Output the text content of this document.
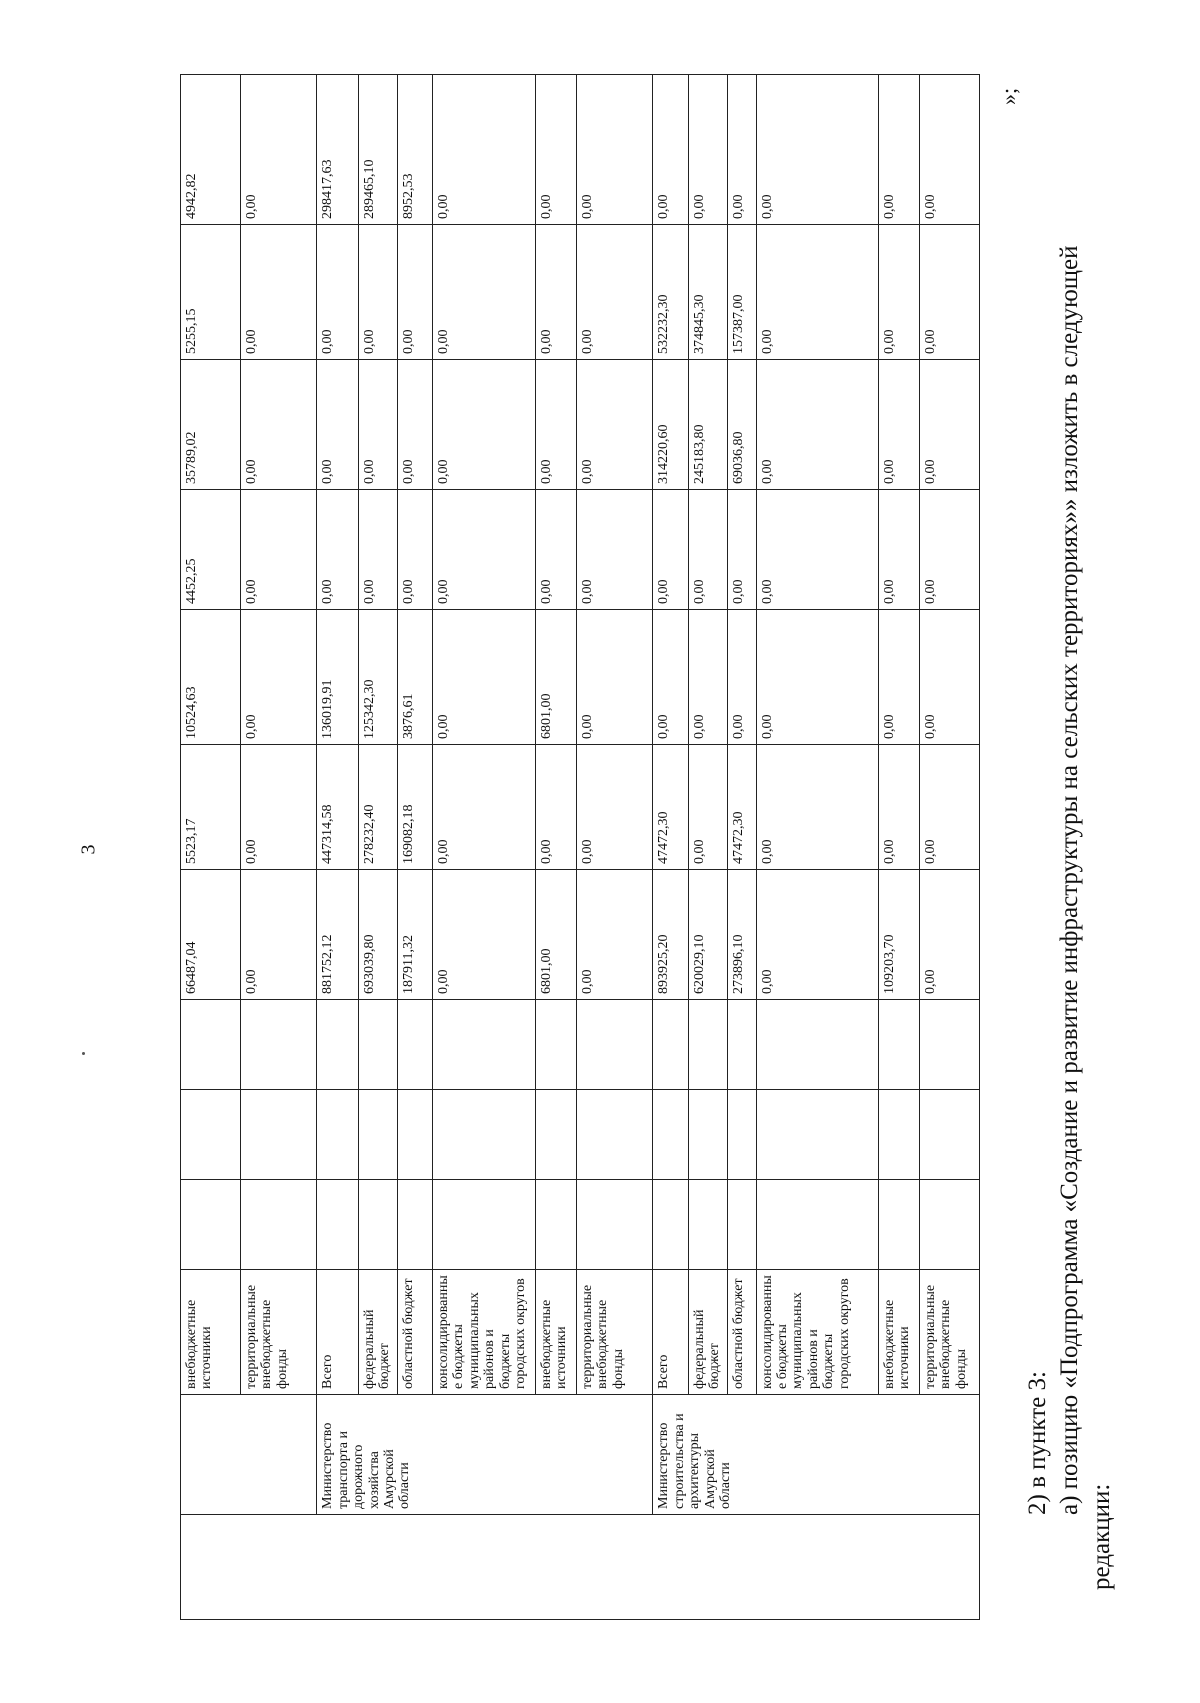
3
		внебюджетные источники				66487,04	5523,17	10524,63	4452,25	35789,02	5255,15	4942,82
		территориальные внебюджетные фонды				0,00	0,00	0,00	0,00	0,00	0,00	0,00
	Министерство транспорта и дорожного хозяйства Амурской области	Всего				881752,12	447314,58	136019,91	0,00	0,00	0,00	298417,63
		федеральный бюджет				693039,80	278232,40	125342,30	0,00	0,00	0,00	289465,10
		областной бюджет				187911,32	169082,18	3876,61	0,00	0,00	0,00	8952,53
		консолидированные бюджеты муниципальных районов и бюджеты городских округов				0,00	0,00	0,00	0,00	0,00	0,00	0,00
		внебюджетные источники				6801,00	0,00	6801,00	0,00	0,00	0,00	0,00
		территориальные внебюджетные фонды				0,00	0,00	0,00	0,00	0,00	0,00	0,00
	Министерство строительства и архитектуры Амурской области	Всего				893925,20	47472,30	0,00	0,00	314220,60	532232,30	0,00
		федеральный бюджет				620029,10	0,00	0,00	0,00	245183,80	374845,30	0,00
		областной бюджет				273896,10	47472,30	0,00	0,00	69036,80	157387,00	0,00
		консолидированные бюджеты муниципальных районов и бюджеты городских округов				0,00	0,00	0,00	0,00	0,00	0,00	0,00
		внебюджетные источники				109203,70	0,00	0,00	0,00	0,00	0,00	0,00
		территориальные внебюджетные фонды				0,00	0,00	0,00	0,00	0,00	0,00	0,00
»;
2) в пункте 3: а) позицию «Подпрограмма «Создание и развитие инфраструктуры на сельских территориях»» изложить в следующей
редакции:
